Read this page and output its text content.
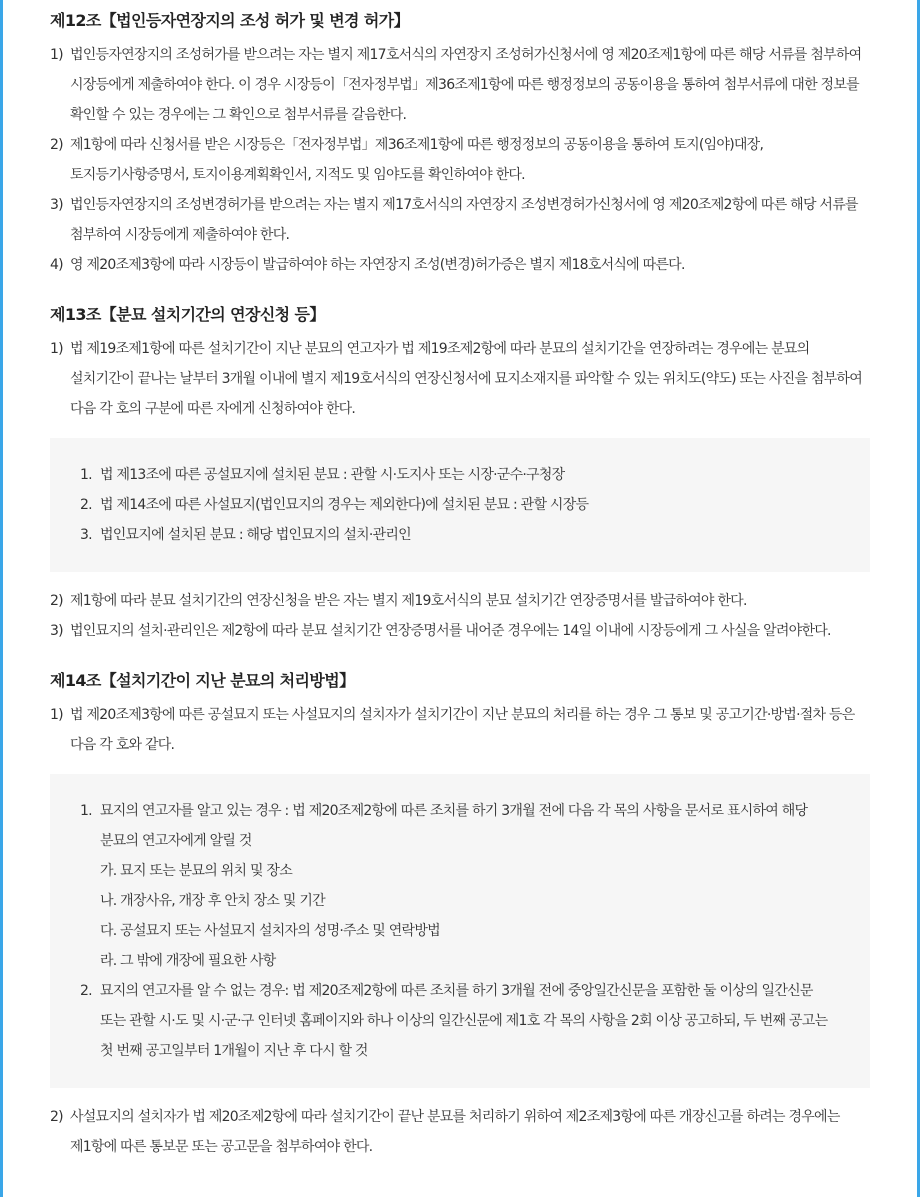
제12조【법인등자연장지의 조성 허가 및 변경 허가】
1) 법인등자연장지의 조성허가를 받으려는 자는 별지 제17호서식의 자연장지 조성허가신청서에 영 제20조제1항에 따른 해당 서류를 첨부하여 시장등에게 제출하여야 한다. 이 경우 시장등이「전자정부법」제36조제1항에 따른 행정정보의 공동이용을 통하여 첨부서류에 대한 정보를 확인할 수 있는 경우에는 그 확인으로 첨부서류를 갈음한다.
2) 제1항에 따라 신청서를 받은 시장등은「전자정부법」제36조제1항에 따른 행정정보의 공동이용을 통하여 토지(임야)대장, 토지등기사항증명서, 토지이용계획확인서, 지적도 및 임야도를 확인하여야 한다.
3) 법인등자연장지의 조성변경허가를 받으려는 자는 별지 제17호서식의 자연장지 조성변경허가신청서에 영 제20조제2항에 따른 해당 서류를 첨부하여 시장등에게 제출하여야 한다.
4) 영 제20조제3항에 따라 시장등이 발급하여야 하는 자연장지 조성(변경)허가증은 별지 제18호서식에 따른다.
제13조【분묘 설치기간의 연장신청 등】
1) 법 제19조제1항에 따른 설치기간이 지난 분묘의 연고자가 법 제19조제2항에 따라 분묘의 설치기간을 연장하려는 경우에는 분묘의 설치기간이 끝나는 날부터 3개월 이내에 별지 제19호서식의 연장신청서에 묘지소재지를 파악할 수 있는 위치도(약도) 또는 사진을 첨부하여 다음 각 호의 구분에 따른 자에게 신청하여야 한다.
1. 법 제13조에 따른 공설묘지에 설치된 분묘 : 관할 시·도지사 또는 시장·군수·구청장
2. 법 제14조에 따른 사설묘지(법인묘지의 경우는 제외한다)에 설치된 분묘 : 관할 시장등
3. 법인묘지에 설치된 분묘 : 해당 법인묘지의 설치·관리인
2) 제1항에 따라 분묘 설치기간의 연장신청을 받은 자는 별지 제19호서식의 분묘 설치기간 연장증명서를 발급하여야 한다.
3) 법인묘지의 설치·관리인은 제2항에 따라 분묘 설치기간 연장증명서를 내어준 경우에는 14일 이내에 시장등에게 그 사실을 알려야한다.
제14조【설치기간이 지난 분묘의 처리방법】
1) 법 제20조제3항에 따른 공설묘지 또는 사설묘지의 설치자가 설치기간이 지난 분묘의 처리를 하는 경우 그 통보 및 공고기간·방법·절차 등은 다음 각 호와 같다.
1. 묘지의 연고자를 알고 있는 경우 : 법 제20조제2항에 따른 조치를 하기 3개월 전에 다음 각 목의 사항을 문서로 표시하여 해당 분묘의 연고자에게 알릴 것
가. 묘지 또는 분묘의 위치 및 장소
나. 개장사유, 개장 후 안치 장소 및 기간
다. 공설묘지 또는 사설묘지 설치자의 성명·주소 및 연락방법
라. 그 밖에 개장에 필요한 사항
2. 묘지의 연고자를 알 수 없는 경우: 법 제20조제2항에 따른 조치를 하기 3개월 전에 중앙일간신문을 포함한 둘 이상의 일간신문 또는 관할 시·도 및 시·군·구 인터넷 홈페이지와 하나 이상의 일간신문에 제1호 각 목의 사항을 2회 이상 공고하되, 두 번째 공고는 첫 번째 공고일부터 1개월이 지난 후 다시 할 것
2) 사설묘지의 설치자가 법 제20조제2항에 따라 설치기간이 끝난 분묘를 처리하기 위하여 제2조제3항에 따른 개장신고를 하려는 경우에는 제1항에 따른 통보문 또는 공고문을 첨부하여야 한다.
